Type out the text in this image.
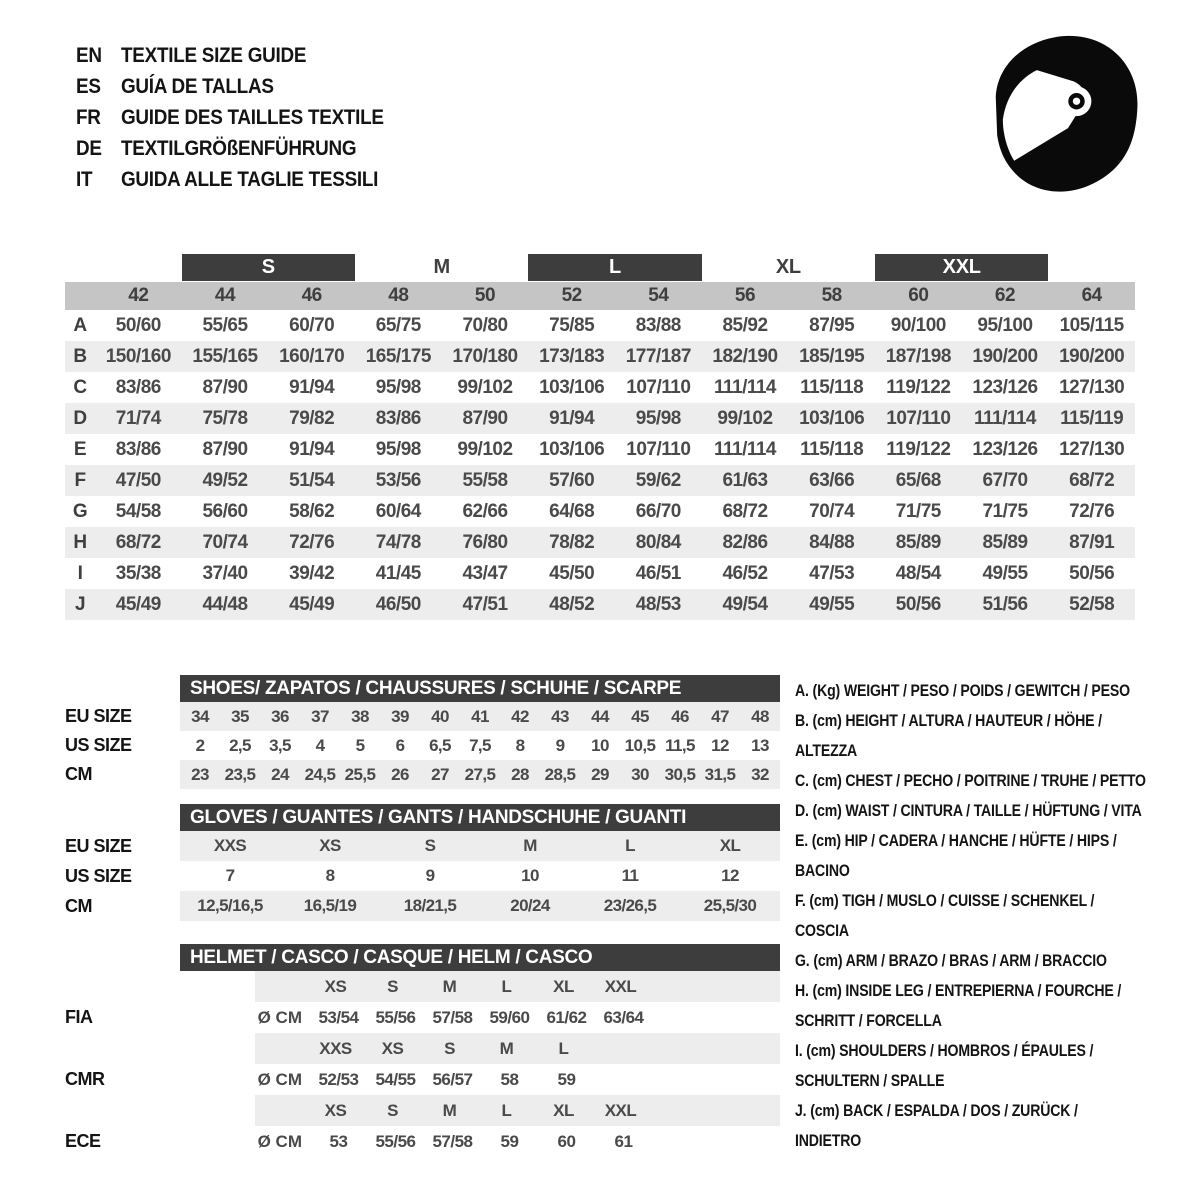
EN TEXTILE SIZE GUIDE
ES GUÍA DE TALLAS
FR GUIDE DES TAILLES TEXTILE
DE TEXTILGRÖßENFÜHRUNG
IT	GUIDA ALLE TAGLIE TESSILI
S	M	L	XL	XXL
42	44	46	48	50	52	54	56	58	60	62	64
A	50/60	55/65	60/70	65/75	70/80	75/85	83/88	85/92	87/95	90/100	95/100	105/115
B	150/160	155/165	160/170	165/175	170/180	173/183	177/187	182/190	185/195	187/198	190/200	190/200
C	83/86	87/90	91/94	95/98	99/102	103/106	107/110	111/114	115/118	119/122	123/126	127/130
D	71/74	75/78	79/82	83/86	87/90	91/94	95/98	99/102	103/106	107/110	111/114	115/119
E	83/86	87/90	91/94	95/98	99/102	103/106	107/110	111/114	115/118	119/122	123/126	127/130
F	47/50	49/52	51/54	53/56	55/58	57/60	59/62	61/63	63/66	65/68	67/70	68/72
G	54/58	56/60	58/62	60/64	62/66	64/68	66/70	68/72	70/74	71/75	71/75	72/76
H	68/72	70/74	72/76	74/78	76/80	78/82	80/84	82/86	84/88	85/89	85/89	87/91
I	35/38	37/40	39/42	41/45	43/47	45/50	46/51	46/52	47/53	48/54	49/55	50/56
J	45/49	44/48	45/49	46/50	47/51	48/52	48/53	49/54	49/55	50/56	51/56	52/58
SHOES/ ZAPATOS / CHAUSSURES / SCHUHE / SCARPE
EU SIZE	34	35	36	37	38	39	40	41	42	43	44	45	46	47	48
US SIZE	2	2,5	3,5	4	5	6	6,5	7,5	8	9	10 10,5 11,5 12	13
CM	23 23,5 24 24,5 25,5 26	27 27,5 28 28,5 29	30 30,5 31,5 32
GLOVES / GUANTES / GANTS / HANDSCHUHE / GUANTI
EU SIZE	XXS	XS	S	M	L	XL
US SIZE	7	8	9	10	11	12
CM	12,5/16,5	16,5/19	18/21,5	20/24	23/26,5	25,5/30
HELMET / CASCO / CASQUE / HELM / CASCO
XS	S	M	L	XL	XXL
FIA	Ø CM 53/54 55/56 57/58 59/60 61/62 63/64
XXS	XS	S	M	L
CMR	Ø CM 52/53 54/55 56/57	58	59
XS	S	M	L	XL	XXL
ECE	Ø CM	53	55/56 57/58	59	60	61
A. (Kg) WEIGHT / PESO / POIDS / GEWITCH / PESO
B. (cm) HEIGHT / ALTURA / HAUTEUR / HÖHE / ALTEZZA
C. (cm) CHEST / PECHO / POITRINE / TRUHE / PETTO
D. (cm) WAIST / CINTURA / TAILLE / HÜFTUNG / VITA
E. (cm) HIP / CADERA / HANCHE / HÜFTE / HIPS / BACINO
F. (cm) TIGH / MUSLO / CUISSE / SCHENKEL / COSCIA
G. (cm) ARM / BRAZO / BRAS / ARM / BRACCIO
H. (cm) INSIDE LEG / ENTREPIERNA / FOURCHE / SCHRITT / FORCELLA
I. (cm) SHOULDERS / HOMBROS / ÉPAULES / SCHULTERN / SPALLE
J. (cm) BACK / ESPALDA / DOS / ZURÜCK / INDIETRO
